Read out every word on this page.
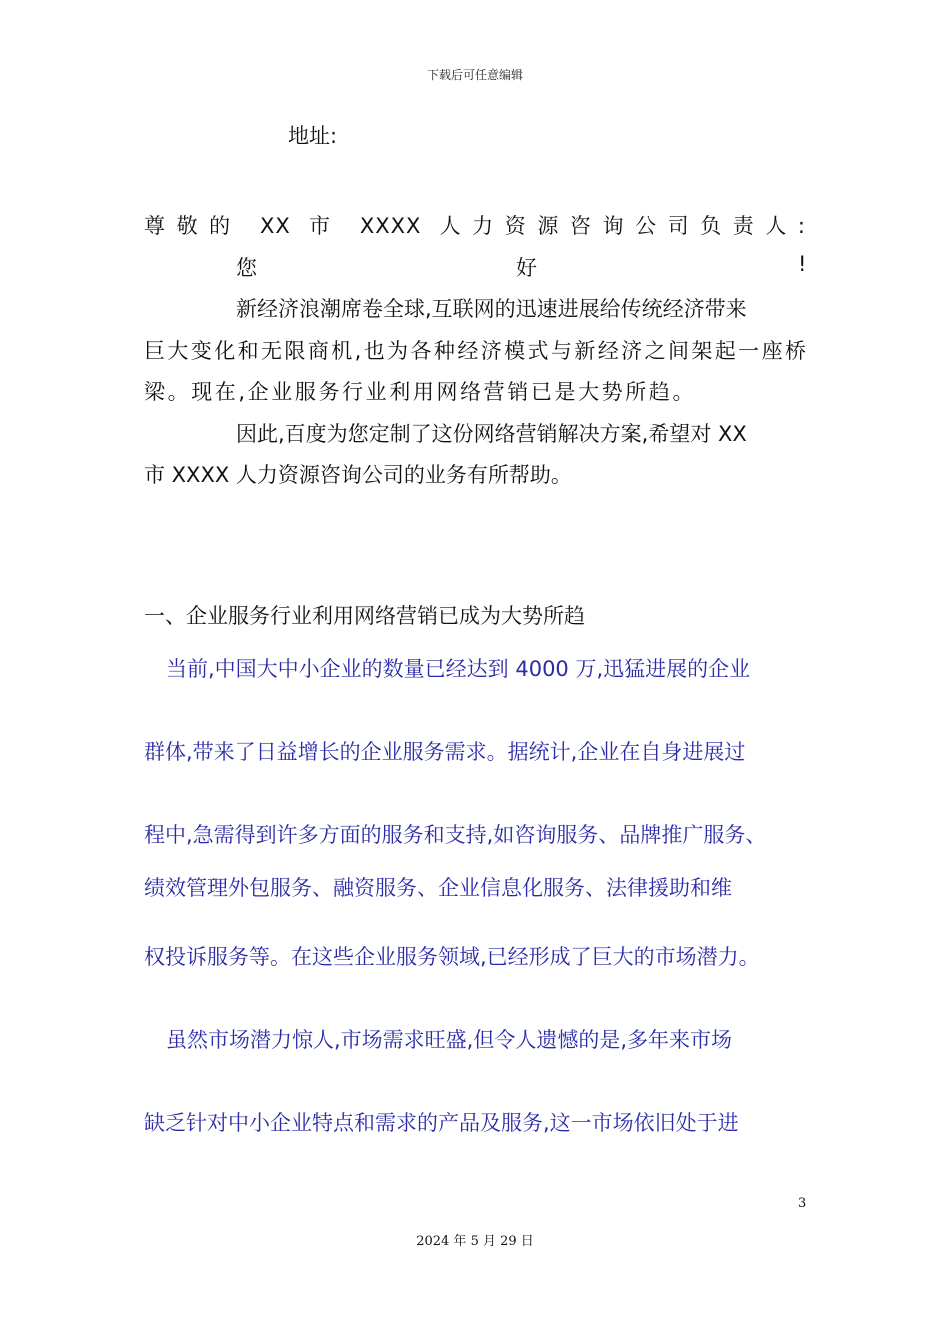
下载后可任意编辑
地址:
尊敬的 XX 市 XXXX 人力资源咨询公司负责人:
您	好	!
新经济浪潮席卷全球,互联网的迅速进展给传统经济带来
巨大变化和无限商机,也为各种经济模式与新经济之间架起一座桥
梁。现在,企业服务行业利用网络营销已是大势所趋。
因此,百度为您定制了这份网络营销解决方案,希望对 XX
市 XXXX 人力资源咨询公司的业务有所帮助。
一、企业服务行业利用网络营销已成为大势所趋
当前,中国大中小企业的数量已经达到 4000 万,迅猛进展的企业
群体,带来了日益增长的企业服务需求。据统计,企业在自身进展过
程中,急需得到许多方面的服务和支持,如咨询服务、品牌推广服务、
绩效管理外包服务、融资服务、企业信息化服务、法律援助和维
权投诉服务等。在这些企业服务领域,已经形成了巨大的市场潜力。
虽然市场潜力惊人,市场需求旺盛,但令人遗憾的是,多年来市场
缺乏针对中小企业特点和需求的产品及服务,这一市场依旧处于进
3
2024 年 5 月 29 日
